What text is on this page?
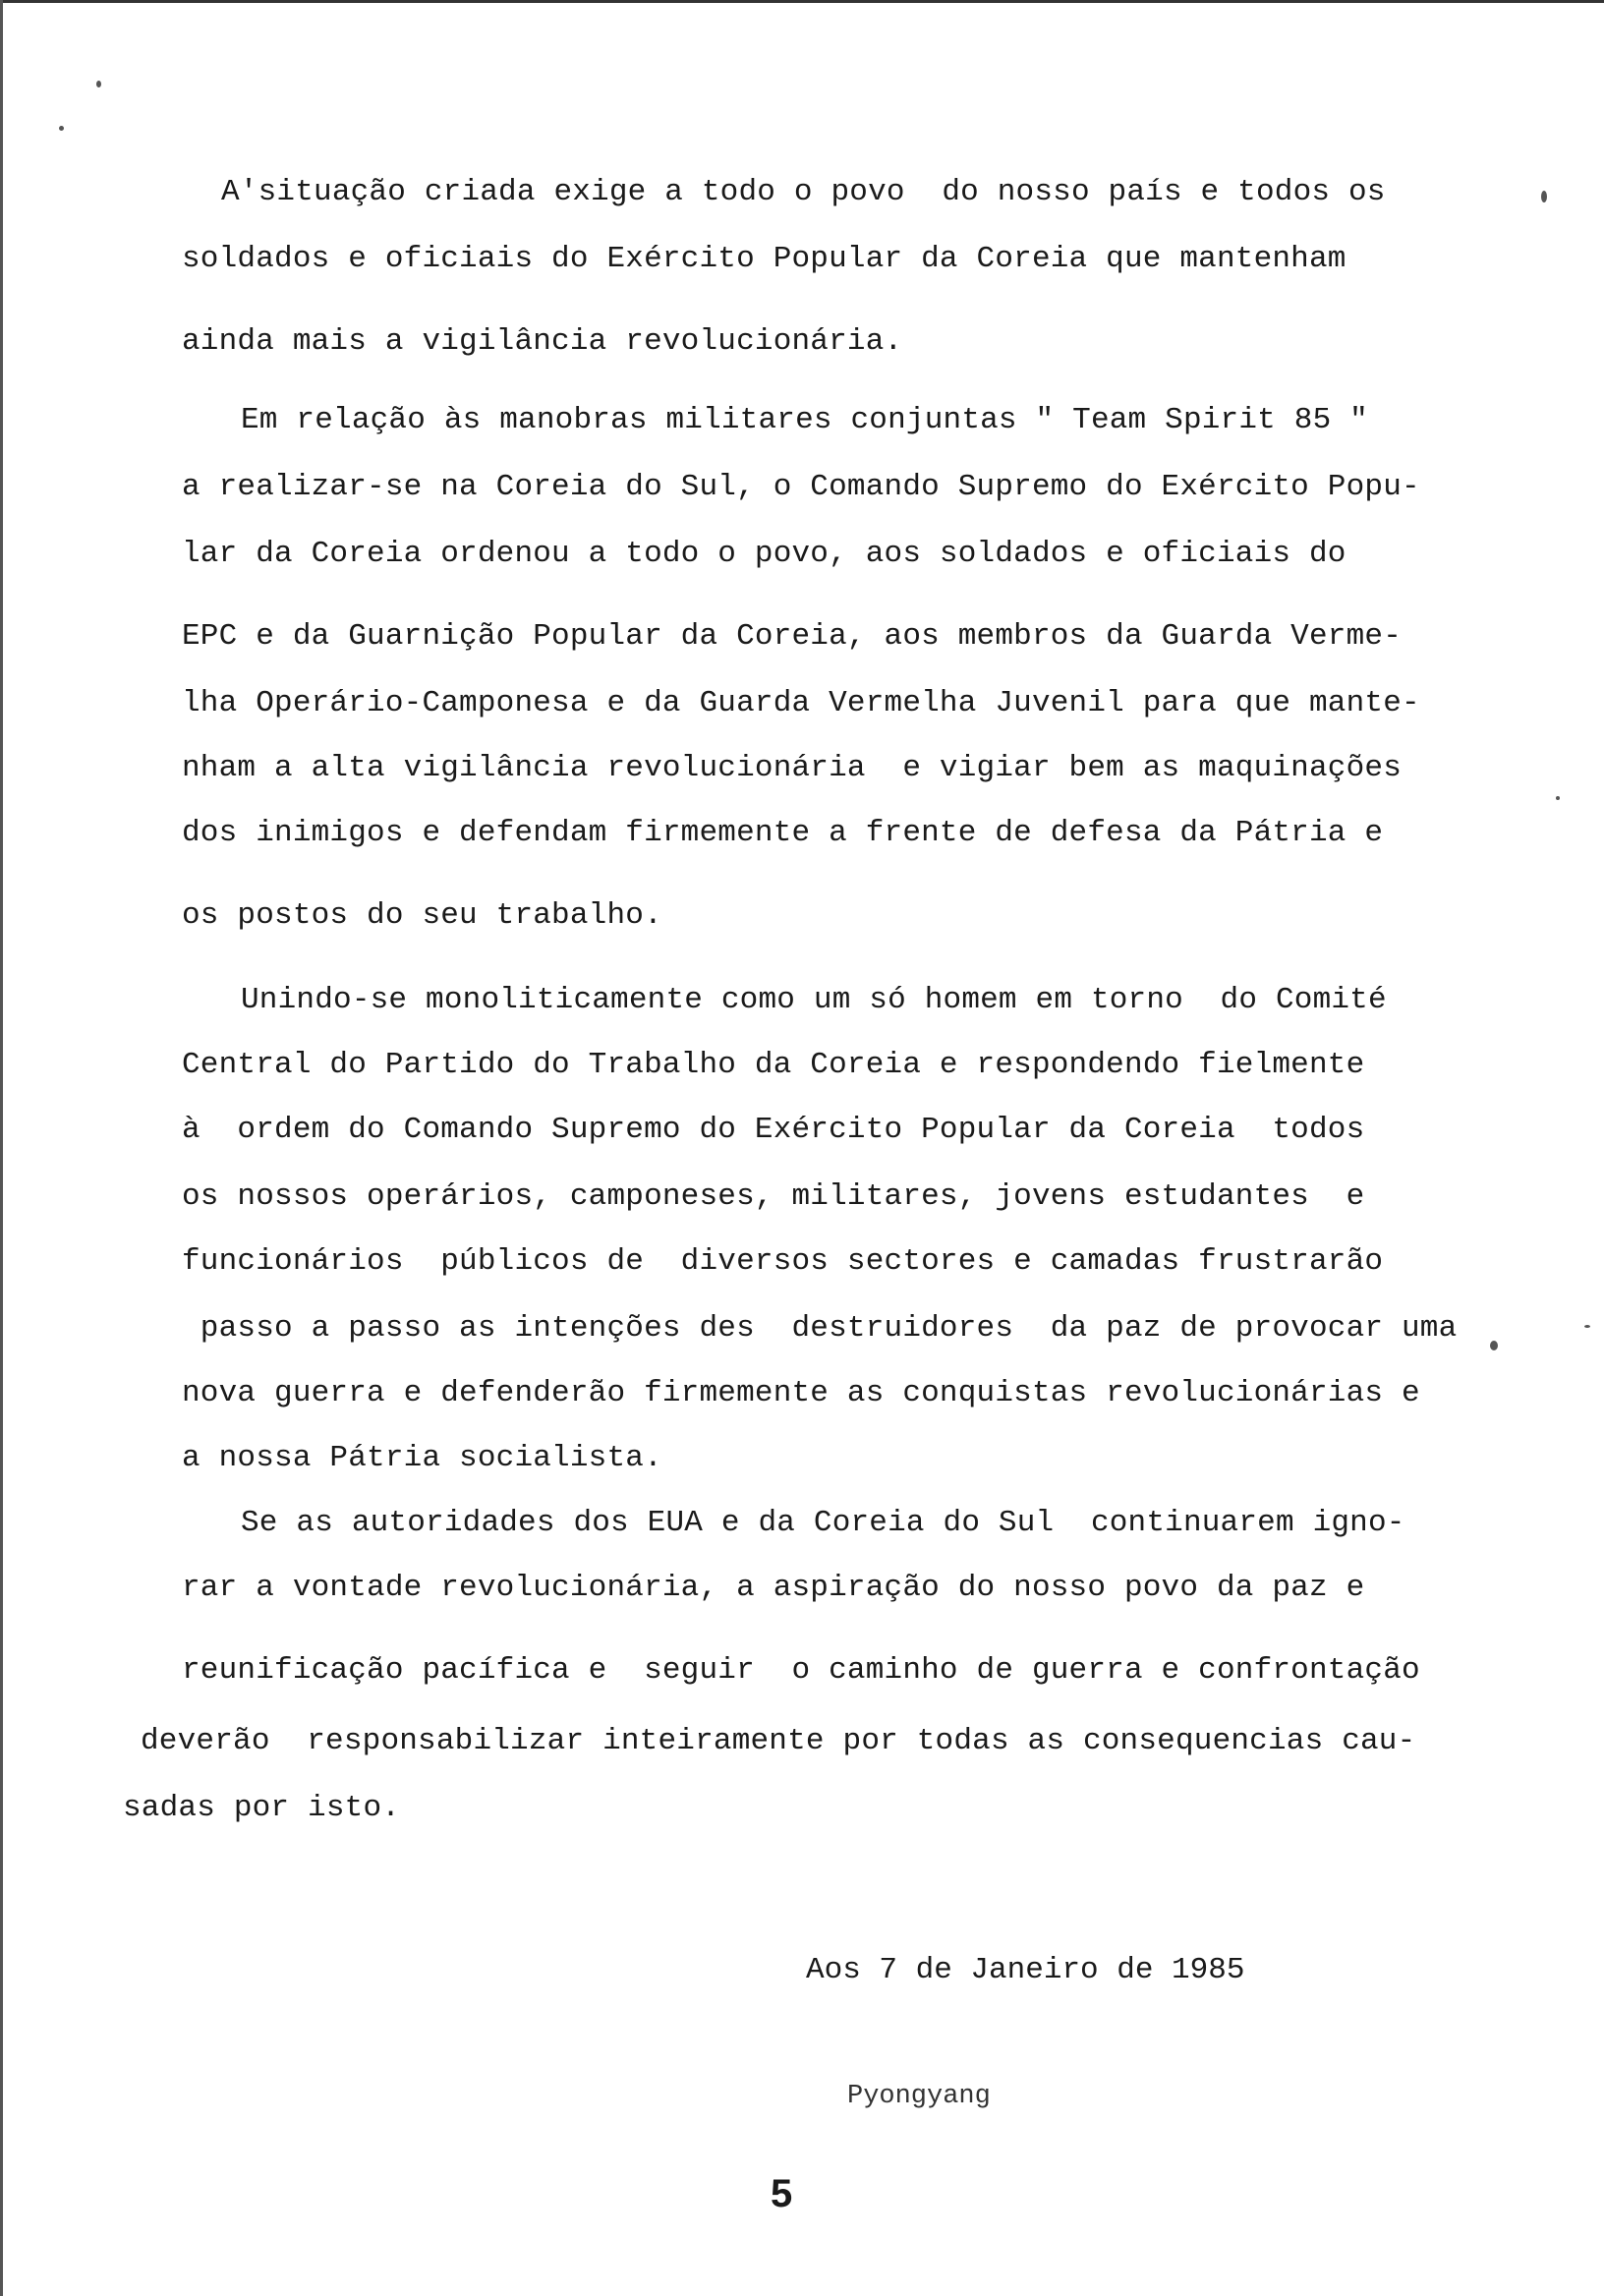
A'situação criada exige a todo o povo  do nosso país e todos os
soldados e oficiais do Exército Popular da Coreia que mantenham
ainda mais a vigilância revolucionária.
Em relação às manobras militares conjuntas " Team Spirit 85 "
a realizar-se na Coreia do Sul, o Comando Supremo do Exército Popu-
lar da Coreia ordenou a todo o povo, aos soldados e oficiais do
EPC e da Guarnição Popular da Coreia, aos membros da Guarda Verme-
lha Operário-Camponesa e da Guarda Vermelha Juvenil para que mante-
nham a alta vigilância revolucionária  e vigiar bem as maquinações
dos inimigos e defendam firmemente a frente de defesa da Pátria e
os postos do seu trabalho.
Unindo-se monoliticamente como um só homem em torno  do Comité
Central do Partido do Trabalho da Coreia e respondendo fielmente
à  ordem do Comando Supremo do Exército Popular da Coreia  todos
os nossos operários, camponeses, militares, jovens estudantes  e
funcionários  públicos de  diversos sectores e camadas frustrarão
passo a passo as intenções des  destruidores  da paz de provocar uma
nova guerra e defenderão firmemente as conquistas revolucionárias e
a nossa Pátria socialista.
Se as autoridades dos EUA e da Coreia do Sul  continuarem igno-
rar a vontade revolucionária, a aspiração do nosso povo da paz e
reunificação pacífica e  seguir  o caminho de guerra e confrontação
deverão  responsabilizar inteiramente por todas as consequencias cau-
sadas por isto.
Aos 7 de Janeiro de 1985
Pyongyang
5
